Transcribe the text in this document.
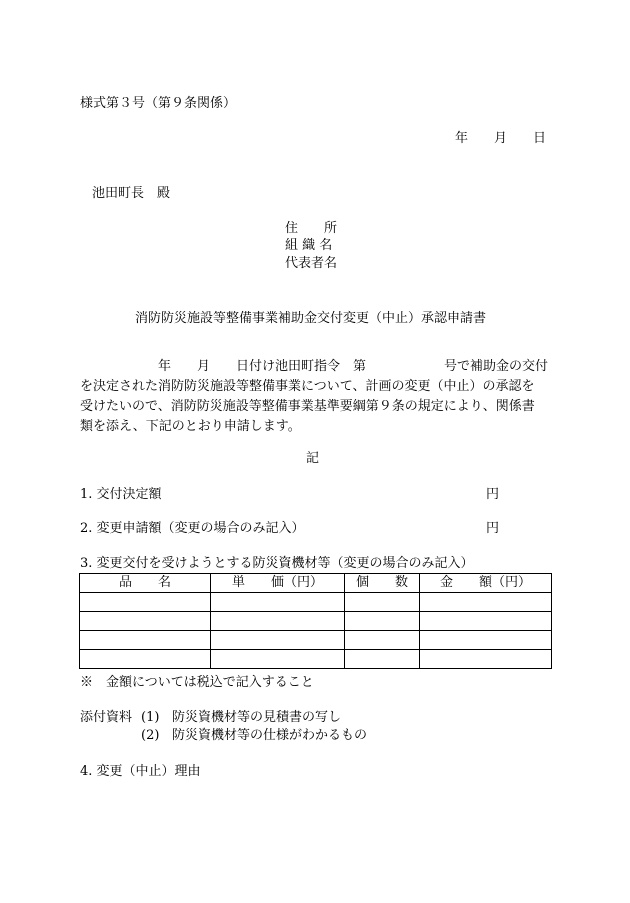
様式第３号（第９条関係）
年 月 日
池田町長　殿
住　　所
組 織 名
代表者名
消防防災施設等整備事業補助金交付変更（中止）承認申請書
　　　　　　年　　月　　日付け池田町指令　第　　　　　　号で補助金の交付
を決定された消防防災施設等整備事業について、計画の変更（中止）の承認を
受けたいので、消防防災施設等整備事業基準要綱第９条の規定により、関係書
類を添え、下記のとおり申請します。
記
1. 交付決定額	円
2. 変更申請額（変更の場合のみ記入）	円
3. 変更交付を受けようとする防災資機材等（変更の場合のみ記入）
品　　名	単　　価（円）	個　　数	金　　額（円）

※　金額については税込で記入すること
添付資料 (1) 防災資機材等の見積書の写し
(2) 防災資機材等の仕様がわかるもの
4. 変更（中止）理由
